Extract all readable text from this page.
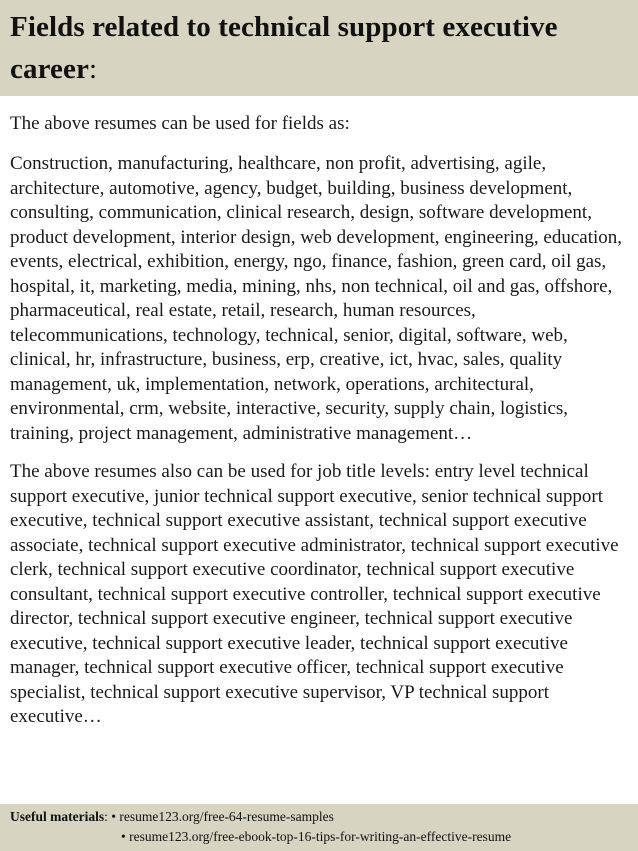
Fields related to technical support executive career:

The above resumes can be used for fields as:

Construction, manufacturing, healthcare, non profit, advertising, agile, architecture, automotive, agency, budget, building, business development, consulting, communication, clinical research, design, software development, product development, interior design, web development, engineering, education, events, electrical, exhibition, energy, ngo, finance, fashion, green card, oil gas, hospital, it, marketing, media, mining, nhs, non technical, oil and gas, offshore, pharmaceutical, real estate, retail, research, human resources, telecommunications, technology, technical, senior, digital, software, web, clinical, hr, infrastructure, business, erp, creative, ict, hvac, sales, quality management, uk, implementation, network, operations, architectural, environmental, crm, website, interactive, security, supply chain, logistics, training, project management, administrative management…

The above resumes also can be used for job title levels: entry level technical support executive, junior technical support executive, senior technical support executive, technical support executive assistant, technical support executive associate, technical support executive administrator, technical support executive clerk, technical support executive coordinator, technical support executive consultant, technical support executive controller, technical support executive director, technical support executive engineer, technical support executive executive, technical support executive leader, technical support executive manager, technical support executive officer, technical support executive specialist, technical support executive supervisor, VP technical support executive…

Useful materials: • resume123.org/free-64-resume-samples
• resume123.org/free-ebook-top-16-tips-for-writing-an-effective-resume
